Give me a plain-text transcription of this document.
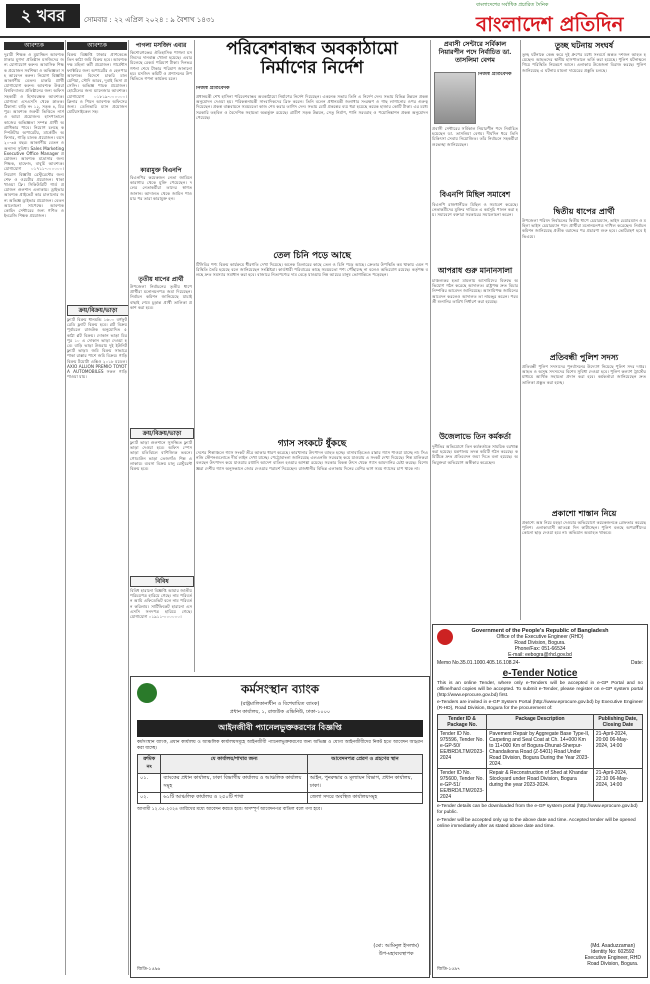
২ খবর	সোমবার : ২২ এপ্রিল ২০২৪ : ৯ বৈশাখ ১৪৩১
বাংলাদেশের সর্বাধিক প্রচারিত দৈনিক
বাংলাদেশ প্রতিদিন
আবশ্যক
দুরারী শিক্ষক ও মুয়াজ্জিন আবশ্যক ঢাকার মুগদা প্রতিষ্ঠান মসজিদের জন্য যোগাযোগ করুন। আবাসিক শিক্ষক প্রয়োজন সর্বশিক্ষা ও অভিজ্ঞতা সহ আবেদন করুন। নিয়োগ বিজ্ঞপ্তি আকর্ষণীয় বেতন। চাকরি প্রার্থী যোগাযোগ করুন। আবশ্যক উত্তরা বিশ্ববিদ্যালয় প্রতিষ্ঠানের জন্য অফিস সহকারী ও হিসাবরক্ষক আবশ্যক। যোগ্যতা এসএসসি থেকে স্নাতক। ঠিকানা: বাড়ি নং ১২, সড়ক ৪, মিরপুর। আবশ্যক জরুরী ভিত্তিতে নার্স ও আয়া প্রয়োজন। হাসপাতালে কাজের অভিজ্ঞতা সম্পন্ন প্রার্থী অগ্রাধিকার পাবে। নিয়োগ চলছে কম্পিউটার অপারেটর, মার্কেটিং অফিসার, গাড়ি চালক প্রয়োজন। বয়স ২০-৩৫ বছর। আকর্ষণীয় বেতন ও অন্যান্য সুবিধা। Sales Marketing Executive Office Manager প্রয়োজন। আবশ্যক মাদ্রাসার জন্য শিক্ষক, হাফেজ, বাবুর্চি আবশ্যক। যোগাযোগ ০১৭১১-০০০০০০। নিয়োগ বিজ্ঞপ্তি রেস্টুরেন্টের জন্য শেফ ও ওয়েটার প্রয়োজন। থাকা খাওয়া ফ্রি। সিকিউরিটি গার্ড প্রয়োজন গুলশান এলাকায়। ড্রাইভার আবশ্যক প্রাইভেট কার চালানোর জন্য অভিজ্ঞ ড্রাইভার প্রয়োজন। বেতন আলোচনা সাপেক্ষে। আবশ্যক কোচিং সেন্টারের জন্য গণিত ও ইংরেজি শিক্ষক প্রয়োজন।
আবশ্যক
বিক্রয় বিজ্ঞপ্তি ঢাকার প্রাণকেন্দ্রে তিন কাঠা জমি বিক্রয় হবে। আবশ্যক দক্ষ মহিলা কর্মী প্রয়োজন। গার্মেন্টস ফ্যাক্টরির জন্য অপারেটর ও হেলপার আবশ্যক। বিদেশে চাকরি মালয়েশিয়া, সৌদি আরব, দুবাই ভিসা প্রসেসিং। অভিজ্ঞ পাচক প্রয়োজন। হোটেলের জন্য ম্যানেজার আবশ্যক। যোগাযোগ ০১৮১৯-০০০০০০। ক্লিনার ও পিয়ন আবশ্যক অফিসের জন্য। ডেলিভারি ম্যান প্রয়োজন মোটরসাইকেল সহ।
ক্রয়/বিক্রয়/ভাড়া
ফ্ল্যাট বিক্রয় ধানমন্ডি ১৬০০ বর্গফুট রেডি ফ্ল্যাট বিক্রয় হবে। প্লট বিক্রয় পূর্বাচলে রাজউক অনুমোদিত ৫ কাঠা প্লট বিক্রয়। দোকান ভাড়া মিরপুর ১০ এ দোকান ভাড়া দেওয়া হবে। বাড়ি ভাড়া উত্তরায় দুই ইউনিট ফ্ল্যাট ভাড়া। জমি বিক্রয় সাভারে পাকা রাস্তার পাশে জমি বিক্রয়। গাড়ি বিক্রয় টয়োটা এক্সিও ২০১৮ মডেল। AXIO ALLION PREMIO TOYOTA AUTOMOBILES সকল গাড়ি পাওয়া যায়।
পাগলা মসজিদ এবার
কিশোরগঞ্জের ঐতিহাসিক পাগলা মসজিদের দানবাক্স খোলা হয়েছে। এবার মিলেছে রেকর্ড পরিমাণ টাকা। দিনভর গণনা শেষে টাকার পরিমাণ জানানো হয়। মসজিদ কমিটি ও প্রশাসনের উপস্থিতিতে গণনা কার্যক্রম চলে।
কারামুক্ত বিএনপি
বিএনপির কয়েকজন নেতা জামিনে কারাগার থেকে মুক্তি পেয়েছেন। দলের নেতাকর্মীরা তাদের স্বাগত জানান। আদালত থেকে জামিন পাওয়ার পর তারা কারামুক্ত হন।
তৃতীয় ধাপের প্রার্থী
উপজেলা নির্বাচনের তৃতীয় ধাপে প্রার্থীরা মনোনয়নপত্র জমা দিয়েছেন। নির্বাচন কমিশন জানিয়েছে যাচাই বাছাই শেষে চূড়ান্ত প্রার্থী তালিকা প্রকাশ করা হবে।
ক্রয়/বিক্রয়/ভাড়া
ফ্ল্যাট ভাড়া গুলশানে সুসজ্জিত ফ্ল্যাট ভাড়া দেওয়া হবে। অফিস স্পেস ভাড়া মতিঝিলে বাণিজ্যিক ভবনে। গোডাউন ভাড়া তেজগাঁও শিল্প এলাকায়। ব্যবসা বিক্রয় চালু রেস্টুরেন্ট বিক্রয় হবে।
বিবিধ
বিবিধ হারানো বিজ্ঞপ্তি আমার জাতীয় পরিচয়পত্র হারিয়ে গেছে। নাম পরিবর্তন আমি এফিডেভিট বলে নাম পরিবর্তন করিলাম। সার্টিফিকেট হারানো এসএসসি সনদপত্র হারিয়ে গেছে। যোগাযোগ ০১৯১১-০০০০০০।
পরিবেশবান্ধব অবকাঠামো নির্মাণের নির্দেশ
নিজস্ব প্রতিবেদক
প্রধানমন্ত্রী শেখ হাসিনা পরিবেশবান্ধব অবকাঠামো নির্মাণের নির্দেশ দিয়েছেন। একনেক সভায় তিনি এ নির্দেশ দেন। সভায় বিভিন্ন উন্নয়ন প্রকল্প অনুমোদন দেওয়া হয়। পরিকল্পনামন্ত্রী সাংবাদিকদের ব্রিফ করেন। তিনি বলেন প্রধানমন্ত্রী জলাধার সংরক্ষণ ও গাছ লাগানোর ওপর গুরুত্ব দিয়েছেন। প্রকল্প বাস্তবায়নে সময়মতো কাজ শেষ করার তাগিদ দেন। সভায় মোট প্রকল্পের ব্যয় ধরা হয়েছে কয়েক হাজার কোটি টাকা। এর মধ্যে সরকারি তহবিল ও বৈদেশিক সহায়তা অন্তর্ভুক্ত রয়েছে। গ্রামীণ সড়ক উন্নয়ন, সেতু নির্মাণ, পানি সরবরাহ ও পয়োনিষ্কাশন প্রকল্প অনুমোদন পেয়েছে।
তেল চিনি পড়ে আছে
টিসিবির পণ্য বিক্রয় কার্যক্রমে ধীরগতি দেখা দিয়েছে। অনেক ডিলারের কাছে তেল ও চিনি পড়ে আছে। ক্রেতার উপস্থিতি কম থাকায় এমন পরিস্থিতি তৈরি হয়েছে বলে জানিয়েছেন সংশ্লিষ্টরা। কার্ডধারী পরিবারের কাছে সময়মতো পণ্য পৌঁছাচ্ছে না বলেও অভিযোগ রয়েছে। কর্তৃপক্ষ বলছে দ্রুত সমস্যার সমাধান করা হবে। বাজারে নিত্যপণ্যের দাম বেড়ে যাওয়ায় নিম্ন আয়ের মানুষ ভোগান্তিতে পড়েছেন।
গ্যাস সংকটে ধুঁকছে
দেশের শিল্পাঞ্চলে গ্যাস সংকট তীব্র আকার ধারণ করেছে। কারখানার উৎপাদন ব্যাহত হচ্ছে। বাসাবাড়িতেও রান্নার গ্যাস পাওয়া যাচ্ছে না। সিএনজি স্টেশনগুলোতে দীর্ঘ লাইন দেখা যাচ্ছে। পেট্রোবাংলা জানিয়েছে এলএনজি সরবরাহ কমে যাওয়ায় এ সংকট দেখা দিয়েছে। শিল্প মালিকরা বলছেন উৎপাদন কমে যাওয়ায় রপ্তানি আদেশ বাতিল হওয়ার আশঙ্কা রয়েছে। সরকার বিকল্প উৎস থেকে গ্যাস আমদানির চেষ্টা করছে। বিশেষজ্ঞরা দেশীয় গ্যাস অনুসন্ধানে জোর দেওয়ার পরামর্শ দিয়েছেন। রাজধানীর বিভিন্ন এলাকায় দিনের বেশির ভাগ সময় গ্যাসের চাপ থাকে না।
প্রবাসী সেন্টারে সর্বিকাল নিয়ারপীন পদে নির্বাচিত ডা. তাসলিমা বেগম
নিজস্ব প্রতিবেদক
প্রবাসী সেন্টারের সর্বিকাল নিয়ারপীন পদে নির্বাচিত হয়েছেন ডা. তাসলিমা বেগম। দীর্ঘদিন ধরে তিনি চিকিৎসা সেবায় নিয়োজিত। তাঁর নির্বাচনে সহকর্মীরা শুভেচ্ছা জানিয়েছেন।
বিএনপি মিছিল সমাবেশ
বিএনপি রাজধানীতে মিছিল ও সমাবেশ করেছে। নেতাকর্মীদের মুক্তির দাবিতে এ কর্মসূচি পালন করা হয়। সমাবেশে বক্তারা সরকারের সমালোচনা করেন।
আপরাধ গুরু মানানসালা
চাঞ্চল্যকর হত্যা মামলায় আসামিদের বিরুদ্ধে অভিযোগ গঠন করেছে আদালত। রাষ্ট্রপক্ষ দ্রুত বিচার নিষ্পত্তির আবেদন জানিয়েছে। আসামিপক্ষ জামিনের আবেদন করলেও আদালত তা নামঞ্জুর করেন। পরবর্তী শুনানির তারিখ নির্ধারণ করা হয়েছে।
উজেলাভে তিন কর্মকর্তা
দুর্নীতির অভিযোগে তিন কর্মকর্তাকে সাময়িক বরখাস্ত করা হয়েছে। মন্ত্রণালয় তদন্ত কমিটি গঠন করেছে। কমিটিকে দ্রুত প্রতিবেদন জমা দিতে বলা হয়েছে। অভিযুক্তরা অভিযোগ অস্বীকার করেছেন।
তুচ্ছ ঘটনায় সংঘর্ষ
তুচ্ছ ঘটনাকে কেন্দ্র করে দুই গ্রুপের মধ্যে সংঘর্ষে অন্তত দশজন আহত হয়েছেন। আহতদের স্থানীয় হাসপাতালে ভর্তি করা হয়েছে। পুলিশ ঘটনাস্থলে গিয়ে পরিস্থিতি নিয়ন্ত্রণে আনে। এলাকায় উত্তেজনা বিরাজ করছে। পুলিশ জানিয়েছে এ ঘটনায় মামলা দায়েরের প্রস্তুতি চলছে।
দ্বিতীয় ধাপের প্রার্থী
উপজেলা পরিষদ নির্বাচনের দ্বিতীয় ধাপে চেয়ারম্যান, ভাইস চেয়ারম্যান ও মহিলা ভাইস চেয়ারম্যান পদে প্রার্থীরা মনোনয়নপত্র দাখিল করেছেন। নির্বাচন কমিশন জানিয়েছে প্রতীক বরাদ্দের পর প্রচারণা শুরু হবে। ভোটগ্রহণ হবে ইভিএমে।
প্রতিবন্ধী পুলিশ সদস্য
প্রতিবন্ধী পুলিশ সদস্যদের পুনর্বাসনের উদ্যোগ নিয়েছে পুলিশ সদর দপ্তর। আহত ও অসুস্থ সদস্যদের বিশেষ সুবিধা দেওয়া হবে। পুলিশ কল্যাণ ট্রাস্টের মাধ্যমে আর্থিক সহায়তা প্রদান করা হবে। কর্মকর্তারা জানিয়েছেন দ্রুত তালিকা প্রস্তুত করা হচ্ছে।
প্রকাশো শাস্তান নিয়ে
প্রকাশ্যে অস্ত্র নিয়ে মহড়া দেওয়ার অভিযোগে কয়েকজনকে গ্রেফতার করেছে পুলিশ। এলাকাবাসী আতঙ্কে দিন কাটাচ্ছেন। পুলিশ বলছে অপরাধীদের কোনো ছাড় দেওয়া হবে না। অভিযান অব্যাহত থাকবে।
কর্মসংস্থান ব্যাংক
(রাষ্ট্রমালিকানাধীন ও বিশেষায়িত ব্যাংক)
প্রধান কার্যালয়, ১, রাজউক এভিনিউ, ঢাকা-১০০০
আইনজীবী প্যানেলভুক্তকরণের বিজ্ঞপ্তি
কর্মসংস্থান ব্যাংক, প্রধান কার্যালয় ও আঞ্চলিক কার্যালয়সমূহে আইনজীবী প্যানেলভুক্তকরণের জন্য অভিজ্ঞ ও যোগ্য আইনজীবীদের নিকট হতে আবেদন আহ্বান করা যাচ্ছে।
ক্রমিক নং	যে কার্যালয়/শাখার জন্য	আবেদনপত্র প্রেরণ ও গ্রহণের স্থান
০১.	ব্যাংকের প্রধান কার্যালয়, ঢাকা বিভাগীয় কার্যালয় ও আঞ্চলিক কার্যালয় সমূহ	আইন, পুনরুদ্ধার ও মূল্যায়ন বিভাগ, প্রধান কার্যালয়, ঢাকা।
০২.	৬১টি আঞ্চলিক কার্যালয় ও ২৫০টি শাখা	জেলা সদরে অবস্থিত কার্যালয়সমূহ
আগামী ১২.০৫.২০২৪ তারিখের মধ্যে আবেদন করতে হবে। অসম্পূর্ণ আবেদনপত্র বাতিল বলে গণ্য হবে।
(মো: আমিনুল ইসলাম)
উপ-মহাব্যবস্থাপক
জিডি-১৫৯৬
Government of the People's Republic of Bangladesh
Office of the Executive Engineer (RHD)
Road Division, Bogura.
Phone/Fax: 051-66534
E-mail: eebogra@rhd.gov.bd
Memo No.35.01.1000.405.16.108.24-	Date:
e-Tender Notice
This is an online Tender, where only e-Tenders will be accepted in e-GP Portal and no offline/hard copies will be accepted. To submit e-Tender, please register on e-GP system portal (http://www.eprocure.gov.bd) first.
e-Tenders are invited in e-GP System Portal (http://www.eprocure.gov.bd) by Executive Engineer (R-HD), Road Division, Bogura for the procurement of:
Tender ID & Package No.	Package Description	Publishing Date, Closing Date
Tender ID No. 975596, Tender No. e-GP-50/ EE/BRD/LTM/2023-2024	Pavement Repair by Aggregate Base Type-II, Carpeting and Seal Coat at Ch. 14+000 Km to 11+000 Km of Bogura-Dhunat-Sherpur-Chandaikona Road (Z-5401) Road Under Road Division, Bogura During the Year 2023-2024.	21-April-2024, 20:00 06-May-2024, 14:00
Tender ID No. 975600, Tender No. e-GP-51/ EE/BRD/LTM/2023-2024	Repair & Reconstruction of Shed at Khandar Stockyard under Road Division, Bogura during the year 2023-2024.	21-April-2024, 22:10 06-May-2024, 14:00
e-Tender details can be downloaded from the e-GP system portal (http://www.eprocure.gov.bd) for public.
e-Tender will be accepted only up to the above date and time. Accepted tender will be opened online immediately after as stated above date and time.
(Md. Asaduzzaman)
Identity No: 602592
Executive Engineer, RHD
Road Division, Bogura.
জিডি-১৫৯৭
